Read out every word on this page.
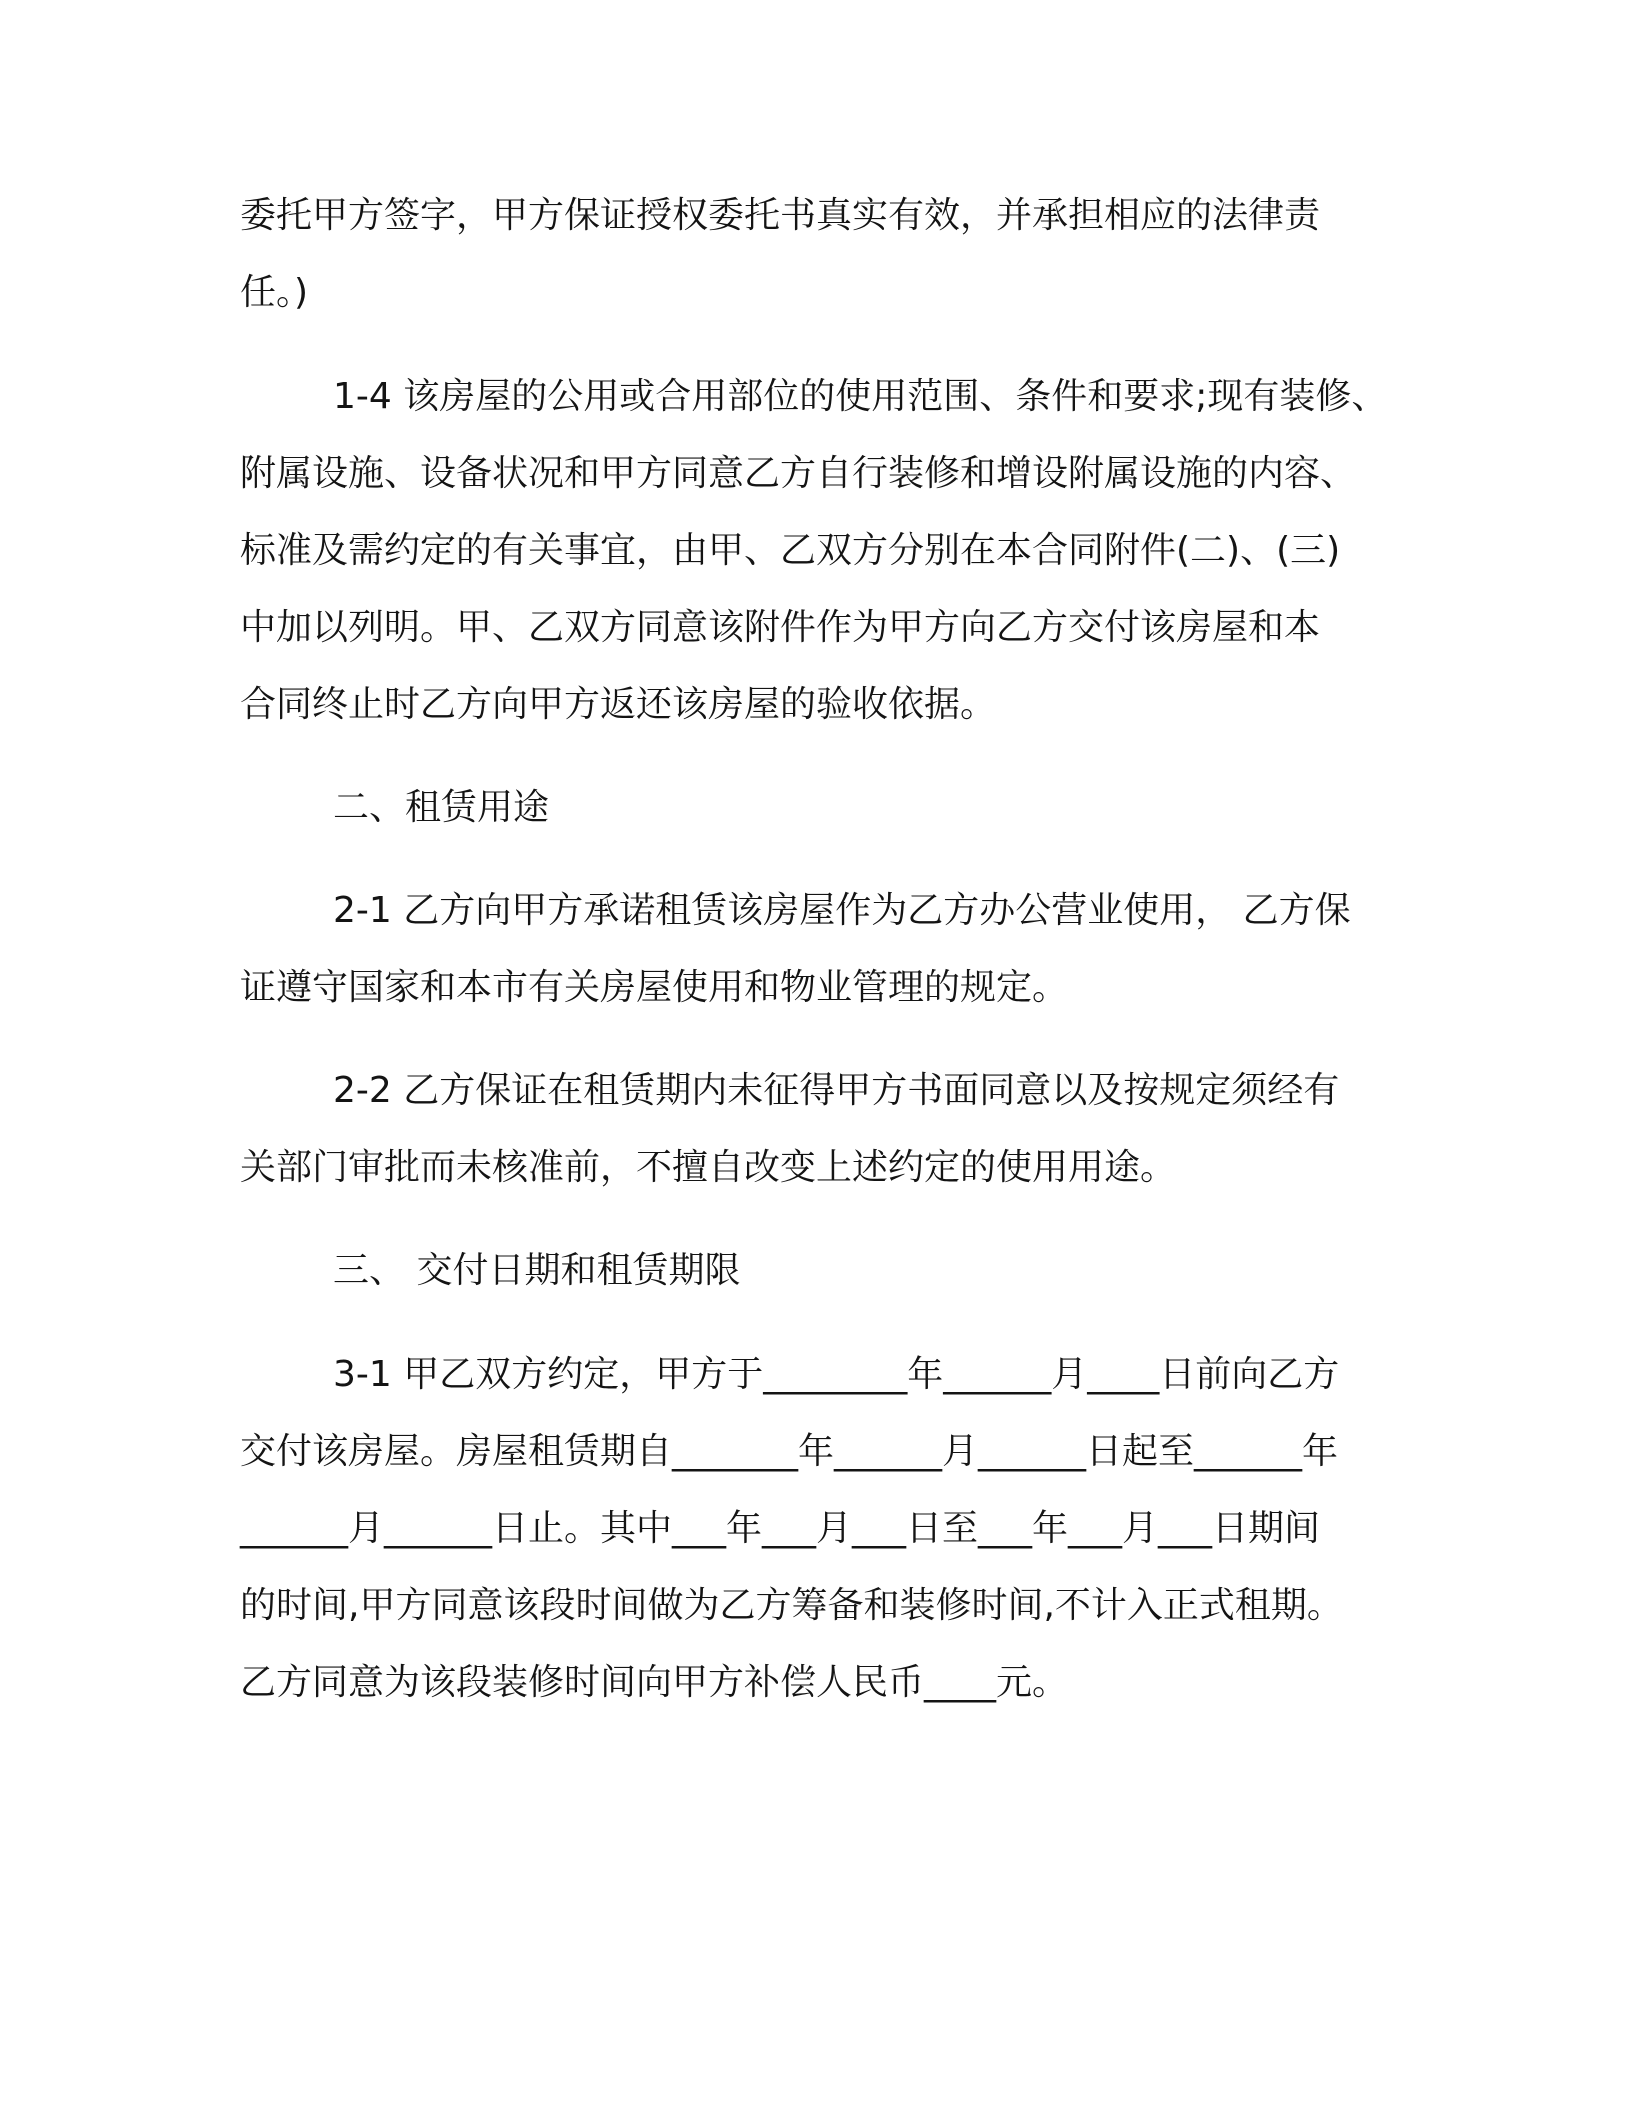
委托甲方签字，甲方保证授权委托书真实有效，并承担相应的法律责
任。)
1-4 该房屋的公用或合用部位的使用范围、条件和要求;现有装修、
附属设施、设备状况和甲方同意乙方自行装修和增设附属设施的内容、
标准及需约定的有关事宜，由甲、乙双方分别在本合同附件(二)、(三)
中加以列明。甲、乙双方同意该附件作为甲方向乙方交付该房屋和本
合同终止时乙方向甲方返还该房屋的验收依据。
二、租赁用途
2-1 乙方向甲方承诺租赁该房屋作为乙方办公营业使用， 乙方保
证遵守国家和本市有关房屋使用和物业管理的规定。
2-2 乙方保证在租赁期内未征得甲方书面同意以及按规定须经有
关部门审批而未核准前，不擅自改变上述约定的使用用途。
三、 交付日期和租赁期限
3-1 甲乙双方约定，甲方于________年______月____日前向乙方
交付该房屋。房屋租赁期自_______年______月______日起至______年
______月______日止。其中___年___月___日至___年___月___日期间
的时间,甲方同意该段时间做为乙方筹备和装修时间,不计入正式租期。
乙方同意为该段装修时间向甲方补偿人民币____元。
